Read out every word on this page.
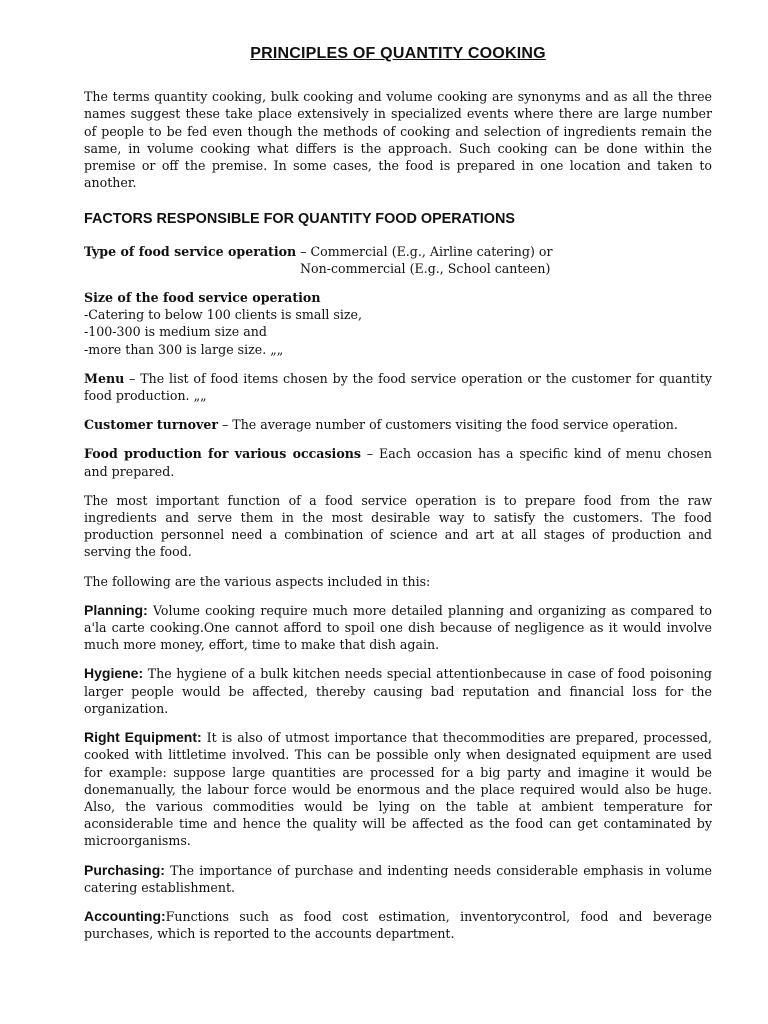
PRINCIPLES OF QUANTITY COOKING

The terms quantity cooking, bulk cooking and volume cooking are synonyms and as all the three names suggest these take place extensively in specialized events where there are large number of people to be fed even though the methods of cooking and selection of ingredients remain the same, in volume cooking what differs is the approach. Such cooking can be done within the premise or off the premise. In some cases, the food is prepared in one location and taken to another.

FACTORS RESPONSIBLE FOR QUANTITY FOOD OPERATIONS

Type of food service operation – Commercial (E.g., Airline catering) or
Non-commercial (E.g., School canteen)

Size of the food service operation
-Catering to below 100 clients is small size,
-100-300 is medium size and
-more than 300 is large size. „„

Menu – The list of food items chosen by the food service operation or the customer for quantity food production. „„

Customer turnover – The average number of customers visiting the food service operation.

Food production for various occasions – Each occasion has a specific kind of menu chosen and prepared.

The most important function of a food service operation is to prepare food from the raw ingredients and serve them in the most desirable way to satisfy the customers. The food production personnel need a combination of science and art at all stages of production and serving the food.

The following are the various aspects included in this:

Planning: Volume cooking require much more detailed planning and organizing as compared to a'la carte cooking.One cannot afford to spoil one dish because of negligence as it would involve much more money, effort, time to make that dish again.

Hygiene: The hygiene of a bulk kitchen needs special attentionbecause in case of food poisoning larger people would be affected, thereby causing bad reputation and financial loss for the organization.

Right Equipment: It is also of utmost importance that thecommodities are prepared, processed, cooked with littletime involved. This can be possible only when designated equipment are used for example: suppose large quantities are processed for a big party and imagine it would be donemanually, the labour force would be enormous and the place required would also be huge. Also, the various commodities would be lying on the table at ambient temperature for aconsiderable time and hence the quality will be affected as the food can get contaminated by microorganisms.

Purchasing: The importance of purchase and indenting needs considerable emphasis in volume catering establishment.

Accounting:Functions such as food cost estimation, inventorycontrol, food and beverage purchases, which is reported to the accounts department.
